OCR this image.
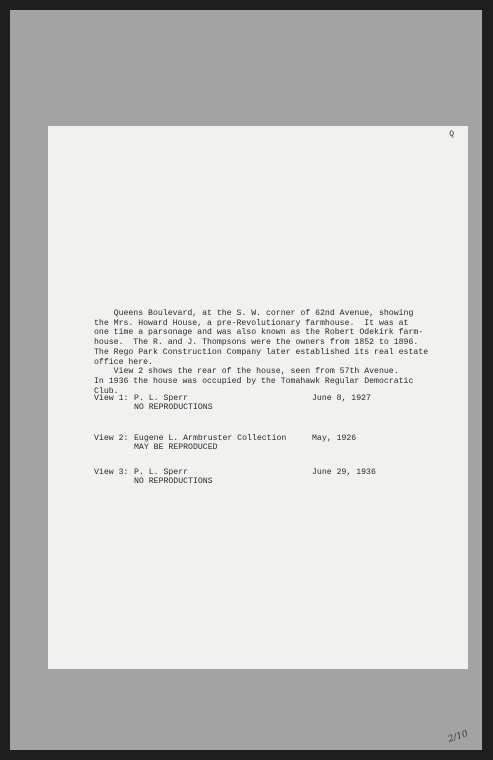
Q
Queens Boulevard, at the S. W. corner of 62nd Avenue, showing
the Mrs. Howard House, a pre-Revolutionary farmhouse.  It was at
one time a parsonage and was also known as the Robert Odekirk farm-
house.  The R. and J. Thompsons were the owners from 1852 to 1896.
The Rego Park Construction Company later established its real estate
office here.
View 2 shows the rear of the house, seen from 57th Avenue.
In 1936 the house was occupied by the Tomahawk Regular Democratic
Club.
View 1: P. L. Sperr	June 8, 1927
NO REPRODUCTIONS
View 2: Eugene L. Armbruster Collection	May, 1926
MAY BE REPRODUCED
View 3: P. L. Sperr	June 29, 1936
NO REPRODUCTIONS
2/10
